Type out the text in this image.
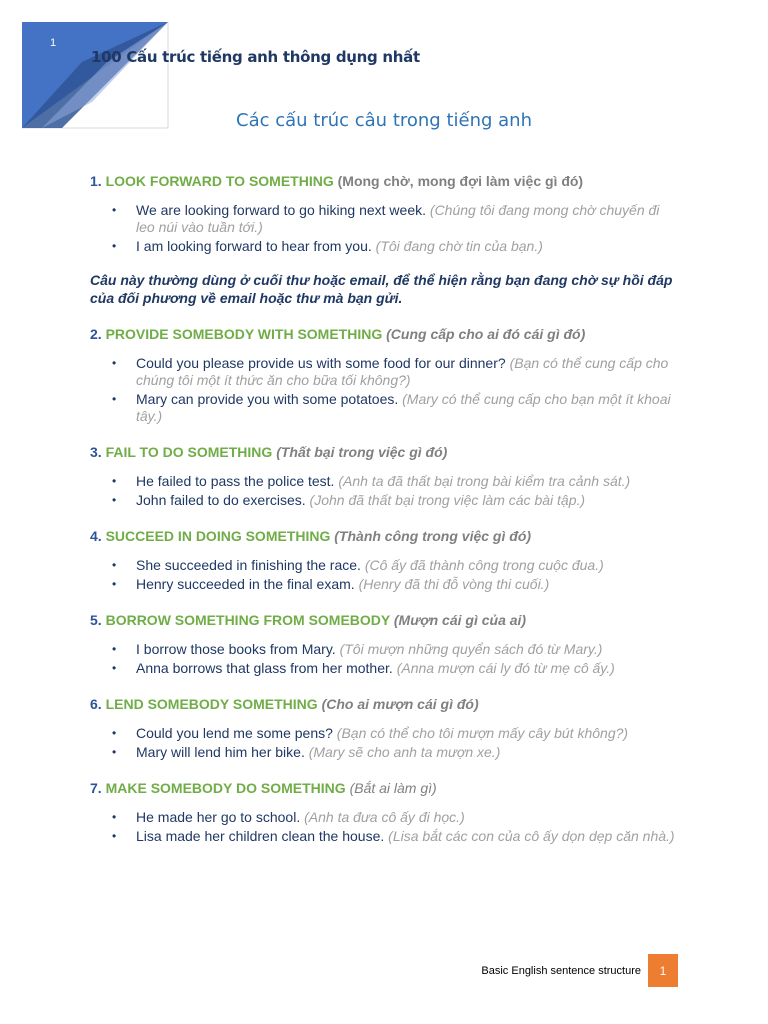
1
100 Cấu trúc tiếng anh thông dụng nhất
Các cấu trúc câu trong tiếng anh

1. LOOK FORWARD TO SOMETHING (Mong chờ, mong đợi làm việc gì đó)

• We are looking forward to go hiking next week. (Chúng tôi đang mong chờ chuyến đi leo núi vào tuần tới.)
• I am looking forward to hear from you. (Tôi đang chờ tin của bạn.)

Câu này thường dùng ở cuối thư hoặc email, để thể hiện rằng bạn đang chờ sự hồi đáp của đối phương về email hoặc thư mà bạn gửi.

2. PROVIDE SOMEBODY WITH SOMETHING (Cung cấp cho ai đó cái gì đó)

• Could you please provide us with some food for our dinner? (Bạn có thể cung cấp cho chúng tôi một ít thức ăn cho bữa tối không?)
• Mary can provide you with some potatoes. (Mary có thể cung cấp cho bạn một ít khoai tây.)

3. FAIL TO DO SOMETHING (Thất bại trong việc gì đó)

• He failed to pass the police test. (Anh ta đã thất bại trong bài kiểm tra cảnh sát.)
• John failed to do exercises. (John đã thất bại trong việc làm các bài tập.)

4. SUCCEED IN DOING SOMETHING (Thành công trong việc gì đó)

• She succeeded in finishing the race. (Cô ấy đã thành công trong cuộc đua.)
• Henry succeeded in the final exam. (Henry đã thi đỗ vòng thi cuối.)

5. BORROW SOMETHING FROM SOMEBODY (Mượn cái gì của ai)

• I borrow those books from Mary. (Tôi mượn những quyển sách đó từ Mary.)
• Anna borrows that glass from her mother. (Anna mượn cái ly đó từ mẹ cô ấy.)

6. LEND SOMEBODY SOMETHING (Cho ai mượn cái gì đó)

• Could you lend me some pens? (Bạn có thể cho tôi mượn mấy cây bút không?)
• Mary will lend him her bike. (Mary sẽ cho anh ta mượn xe.)

7. MAKE SOMEBODY DO SOMETHING (Bắt ai làm gì)

• He made her go to school. (Anh ta đưa cô ấy đi học.)
• Lisa made her children clean the house. (Lisa bắt các con của cô ấy dọn dẹp căn nhà.)
Basic English sentence structure	1
